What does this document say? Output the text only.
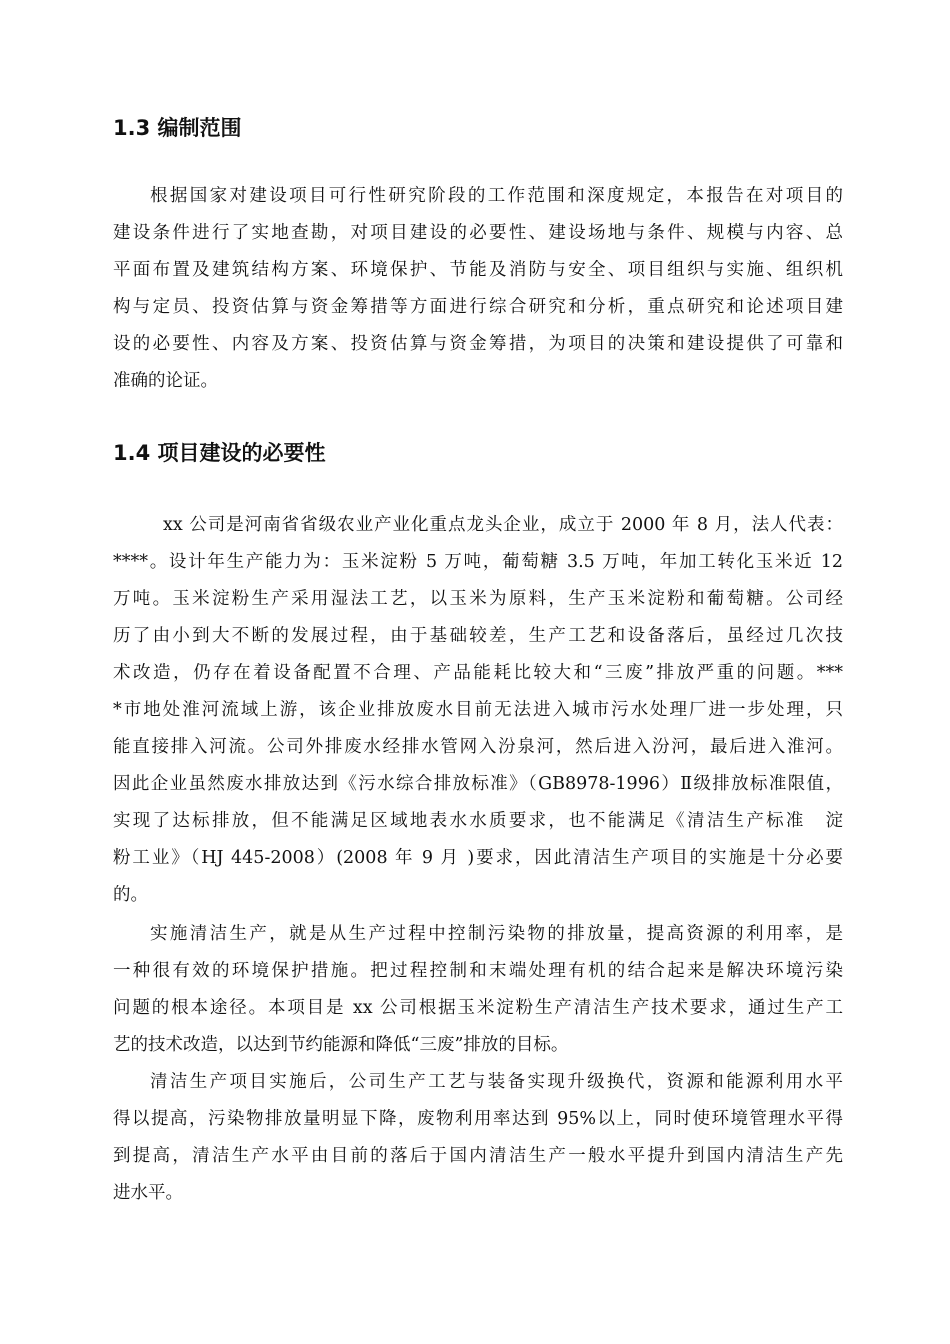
1.3 编制范围
根据国家对建设项目可行性研究阶段的工作范围和深度规定，本报告在对项目的
建设条件进行了实地查勘，对项目建设的必要性、建设场地与条件、规模与内容、总
平面布置及建筑结构方案、环境保护、节能及消防与安全、项目组织与实施、组织机
构与定员、投资估算与资金筹措等方面进行综合研究和分析，重点研究和论述项目建
设的必要性、内容及方案、投资估算与资金筹措，为项目的决策和建设提供了可靠和
准确的论证。
1.4 项目建设的必要性
xx 公司是河南省省级农业产业化重点龙头企业，成立于 2000 年 8 月，法人代表：
****。设计年生产能力为：玉米淀粉 5 万吨，葡萄糖 3.5 万吨，年加工转化玉米近 12
万吨。玉米淀粉生产采用湿法工艺，以玉米为原料，生产玉米淀粉和葡萄糖。公司经
历了由小到大不断的发展过程，由于基础较差，生产工艺和设备落后，虽经过几次技
术改造，仍存在着设备配置不合理、产品能耗比较大和“三废”排放严重的问题。***
*市地处淮河流域上游，该企业排放废水目前无法进入城市污水处理厂进一步处理，只
能直接排入河流。公司外排废水经排水管网入汾泉河，然后进入汾河，最后进入淮河。
因此企业虽然废水排放达到《污水综合排放标准》（GB8978-1996）Ⅱ级排放标准限值，
实现了达标排放，但不能满足区域地表水水质要求，也不能满足《清洁生产标准　淀
粉工业》（HJ 445-2008）(2008 年 9 月 )要求，因此清洁生产项目的实施是十分必要
的。
实施清洁生产，就是从生产过程中控制污染物的排放量，提高资源的利用率，是
一种很有效的环境保护措施。把过程控制和末端处理有机的结合起来是解决环境污染
问题的根本途径。本项目是 xx 公司根据玉米淀粉生产清洁生产技术要求，通过生产工
艺的技术改造，以达到节约能源和降低“三废”排放的目标。
清洁生产项目实施后，公司生产工艺与装备实现升级换代，资源和能源利用水平
得以提高，污染物排放量明显下降，废物利用率达到 95%以上，同时使环境管理水平得
到提高，清洁生产水平由目前的落后于国内清洁生产一般水平提升到国内清洁生产先
进水平。
